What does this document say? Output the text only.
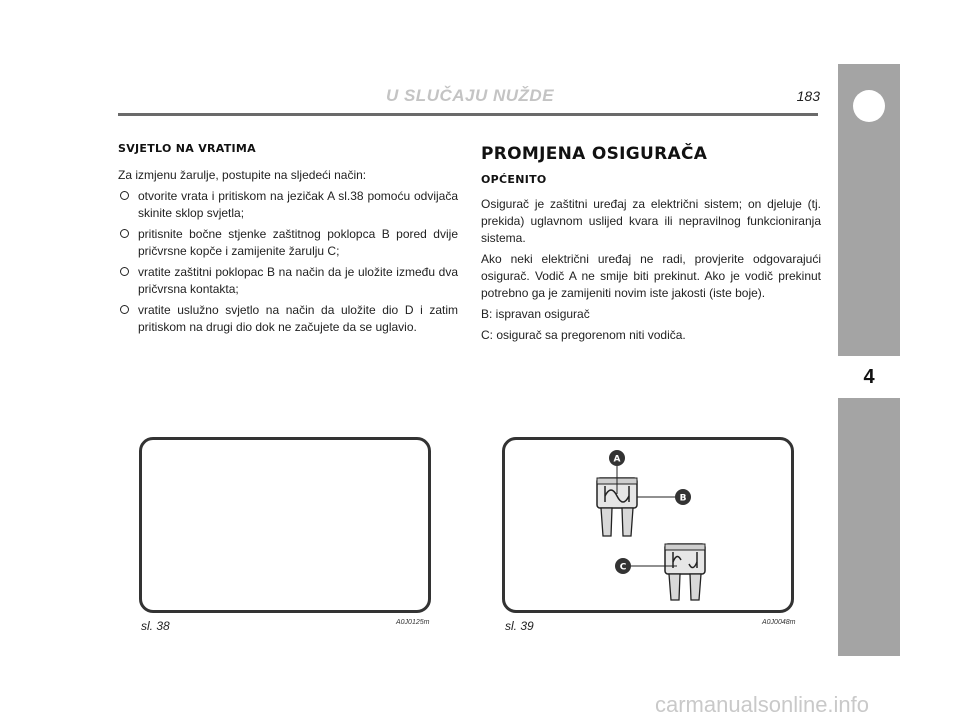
U SLUČAJU NUŽDE	183
4
SVJETLO NA VRATIMA

Za izmjenu žarulje, postupite na sljedeći način:

otvorite vrata i pritiskom na jezičak A sl.38 pomoću odvijača skinite sklop svjetla;
pritisnite bočne stjenke zaštitnog poklopca B pored dvije pričvrsne kopče i zamijenite žarulju C;
vratite zaštitni poklopac B na način da je uložite između dva pričvrsna kontakta;
vratite uslužno svjetlo na način da uložite dio D i zatim pritiskom na drugi dio dok ne začujete da se uglavio.
PROMJENA OSIGURAČA
OPĆENITO

Osigurač je zaštitni uređaj za električni sistem; on djeluje (tj. prekida) uglavnom uslijed kvara ili nepravilnog funkcioniranja sistema.

Ako neki električni uređaj ne radi, provjerite odgovarajući osigurač. Vodič A ne smije biti prekinut. Ako je vodič prekinut potrebno ga je zamijeniti novim iste jakosti (iste boje).

B: ispravan osigurač

C: osigurač sa pregorenom niti vodiča.

sl. 38	A0J0125m
A
B
C
sl. 39	A0J0048m
carmanualsonline.info
